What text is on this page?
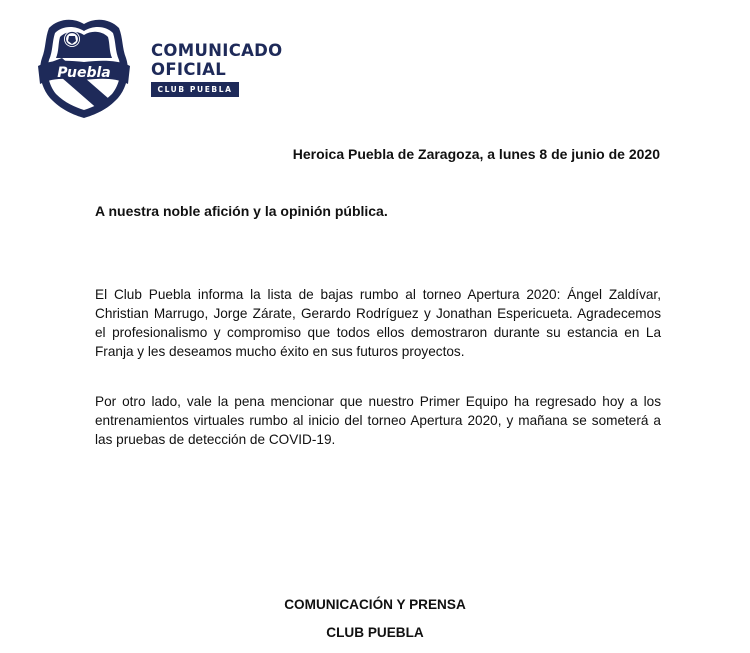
Puebla
COMUNICADO
OFICIAL
CLUB PUEBLA
Heroica Puebla de Zaragoza, a lunes 8 de junio de 2020
A nuestra noble afición y la opinión pública.
El Club Puebla informa la lista de bajas rumbo al torneo Apertura 2020: Ángel Zaldívar, Christian Marrugo, Jorge Zárate, Gerardo Rodríguez y Jonathan Espericueta. Agradecemos el profesionalismo y compromiso que todos ellos demostraron durante su estancia en La Franja y les deseamos mucho éxito en sus futuros proyectos.
Por otro lado, vale la pena mencionar que nuestro Primer Equipo ha regresado hoy a los entrenamientos virtuales rumbo al inicio del torneo Apertura 2020, y mañana se someterá a las pruebas de detección de COVID-19.
COMUNICACIÓN Y PRENSA
CLUB PUEBLA
